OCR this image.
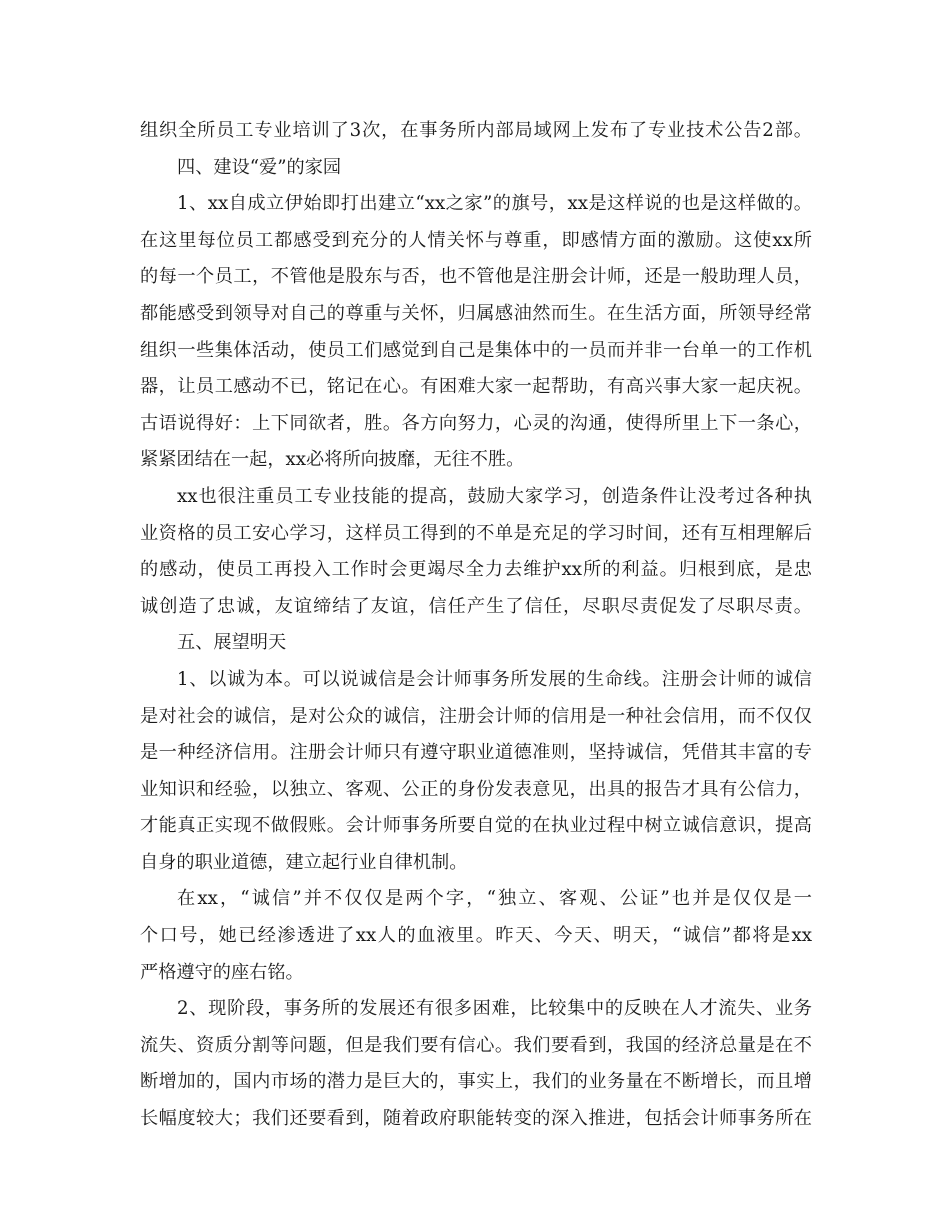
组织全所员工专业培训了3次，在事务所内部局域网上发布了专业技术公告2部。
四、建设“爱”的家园
1、xx自成立伊始即打出建立“xx之家”的旗号，xx是这样说的也是这样做的。
在这里每位员工都感受到充分的人情关怀与尊重，即感情方面的激励。这使xx所
的每一个员工，不管他是股东与否，也不管他是注册会计师，还是一般助理人员，
都能感受到领导对自己的尊重与关怀，归属感油然而生。在生活方面，所领导经常
组织一些集体活动，使员工们感觉到自己是集体中的一员而并非一台单一的工作机
器，让员工感动不已，铭记在心。有困难大家一起帮助，有高兴事大家一起庆祝。
古语说得好：上下同欲者，胜。各方向努力，心灵的沟通，使得所里上下一条心，
紧紧团结在一起，xx必将所向披靡，无往不胜。
xx也很注重员工专业技能的提高，鼓励大家学习，创造条件让没考过各种执
业资格的员工安心学习，这样员工得到的不单是充足的学习时间，还有互相理解后
的感动，使员工再投入工作时会更竭尽全力去维护xx所的利益。归根到底，是忠
诚创造了忠诚，友谊缔结了友谊，信任产生了信任，尽职尽责促发了尽职尽责。
五、展望明天
1、以诚为本。可以说诚信是会计师事务所发展的生命线。注册会计师的诚信
是对社会的诚信，是对公众的诚信，注册会计师的信用是一种社会信用，而不仅仅
是一种经济信用。注册会计师只有遵守职业道德准则，坚持诚信，凭借其丰富的专
业知识和经验，以独立、客观、公正的身份发表意见，出具的报告才具有公信力，
才能真正实现不做假账。会计师事务所要自觉的在执业过程中树立诚信意识，提高
自身的职业道德，建立起行业自律机制。
在xx，“诚信”并不仅仅是两个字，“独立、客观、公证”也并是仅仅是一
个口号，她已经渗透进了xx人的血液里。昨天、今天、明天，“诚信”都将是xx
严格遵守的座右铭。
2、现阶段，事务所的发展还有很多困难，比较集中的反映在人才流失、业务
流失、资质分割等问题，但是我们要有信心。我们要看到，我国的经济总量是在不
断增加的，国内市场的潜力是巨大的，事实上，我们的业务量在不断增长，而且增
长幅度较大；我们还要看到，随着政府职能转变的深入推进，包括会计师事务所在
